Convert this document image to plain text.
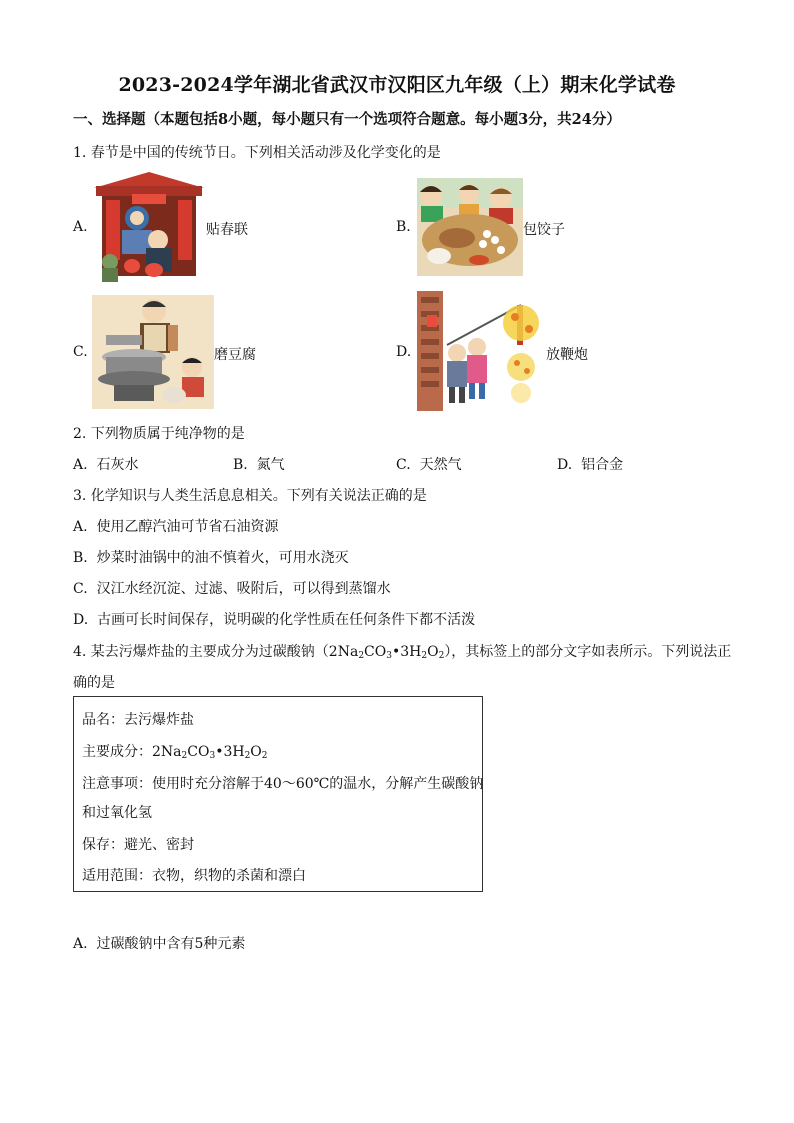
2023-2024学年湖北省武汉市汉阳区九年级（上）期末化学试卷
一、选择题（本题包括8小题，每小题只有一个选项符合题意。每小题3分，共24分）
1. 春节是中国的传统节日。下列相关活动涉及化学变化的是
A.	贴春联	B.	包饺子
C.	磨豆腐	D.	放鞭炮
2. 下列物质属于纯净物的是
A. 石灰水	B. 氮气	C. 天然气	D. 铝合金
3. 化学知识与人类生活息息相关。下列有关说法正确的是
A. 使用乙醇汽油可节省石油资源
B. 炒菜时油锅中的油不慎着火，可用水浇灭
C. 汉江水经沉淀、过滤、吸附后，可以得到蒸馏水
D. 古画可长时间保存，说明碳的化学性质在任何条件下都不活泼
4. 某去污爆炸盐的主要成分为过碳酸钠$(2Na_2CO_3•3H_2O_2)$，其标签上的部分文字如表所示。下列说法正
确的是
品名：去污爆炸盐
主要成分：$2Na_2CO_3•3H_2O_2$
注意事项：使用时充分溶解于40～60℃的温水，分解产生碳酸钠
和过氧化氢
保存：避光、密封
适用范围：衣物，织物的杀菌和漂白
A. 过碳酸钠中含有5种元素
